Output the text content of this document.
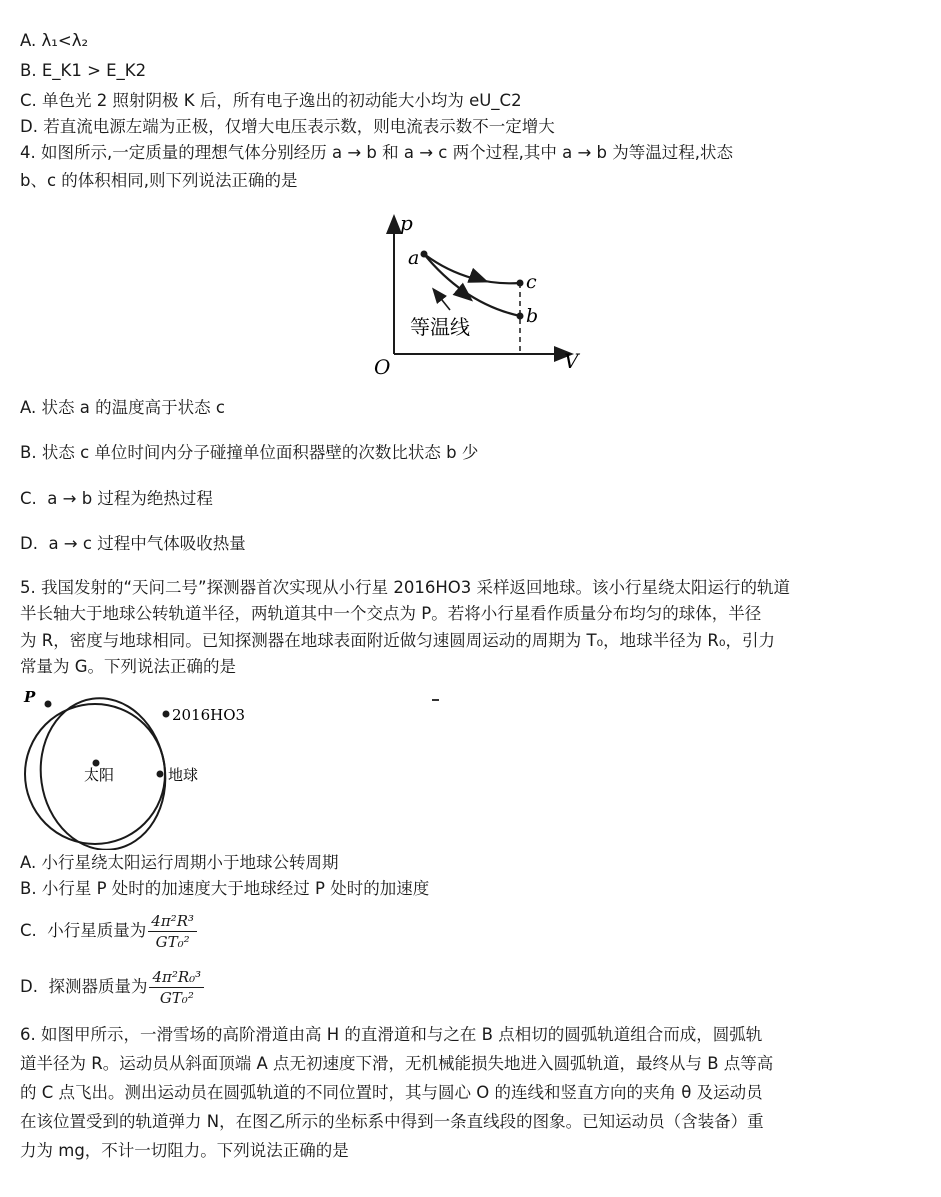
A. λ₁<λ₂
B. E_K1 > E_K2
C. 单色光 2 照射阴极 K 后，所有电子逸出的初动能大小均为 eU_C2
D. 若直流电源左端为正极，仅增大电压表示数，则电流表示数不一定增大
4. 如图所示,一定质量的理想气体分别经历 a → b 和 a → c 两个过程,其中 a → b 为等温过程,状态
b、c 的体积相同,则下列说法正确的是
p
V
O
a
c
b
等温线
A. 状态 a 的温度高于状态 c
B. 状态 c 单位时间内分子碰撞单位面积器壁的次数比状态 b 少
C. a → b 过程为绝热过程
D. a → c 过程中气体吸收热量
5. 我国发射的“天问二号”探测器首次实现从小行星 2016HO3 采样返回地球。该小行星绕太阳运行的轨道
半长轴大于地球公转轨道半径，两轨道其中一个交点为 P。若将小行星看作质量分布均匀的球体，半径
为 R，密度与地球相同。已知探测器在地球表面附近做匀速圆周运动的周期为 T₀，地球半径为 R₀，引力
常量为 G。下列说法正确的是
P
2016HO3
太阳	地球
A. 小行星绕太阳运行周期小于地球公转周期
B. 小行星 P 处时的加速度大于地球经过 P 处时的加速度
C. 小行星质量为 $\frac{\text{4π²R³}}{\text{GT₀²}}$
D. 探测器质量为 $\frac{\text{4π²R₀³}}{\text{GT₀²}}$
6. 如图甲所示，一滑雪场的高阶滑道由高 H 的直滑道和与之在 B 点相切的圆弧轨道组合而成，圆弧轨
道半径为 R。运动员从斜面顶端 A 点无初速度下滑，无机械能损失地进入圆弧轨道，最终从与 B 点等高
的 C 点飞出。测出运动员在圆弧轨道的不同位置时，其与圆心 O 的连线和竖直方向的夹角 θ 及运动员
在该位置受到的轨道弹力 N，在图乙所示的坐标系中得到一条直线段的图象。已知运动员（含装备）重
力为 mg，不计一切阻力。下列说法正确的是
